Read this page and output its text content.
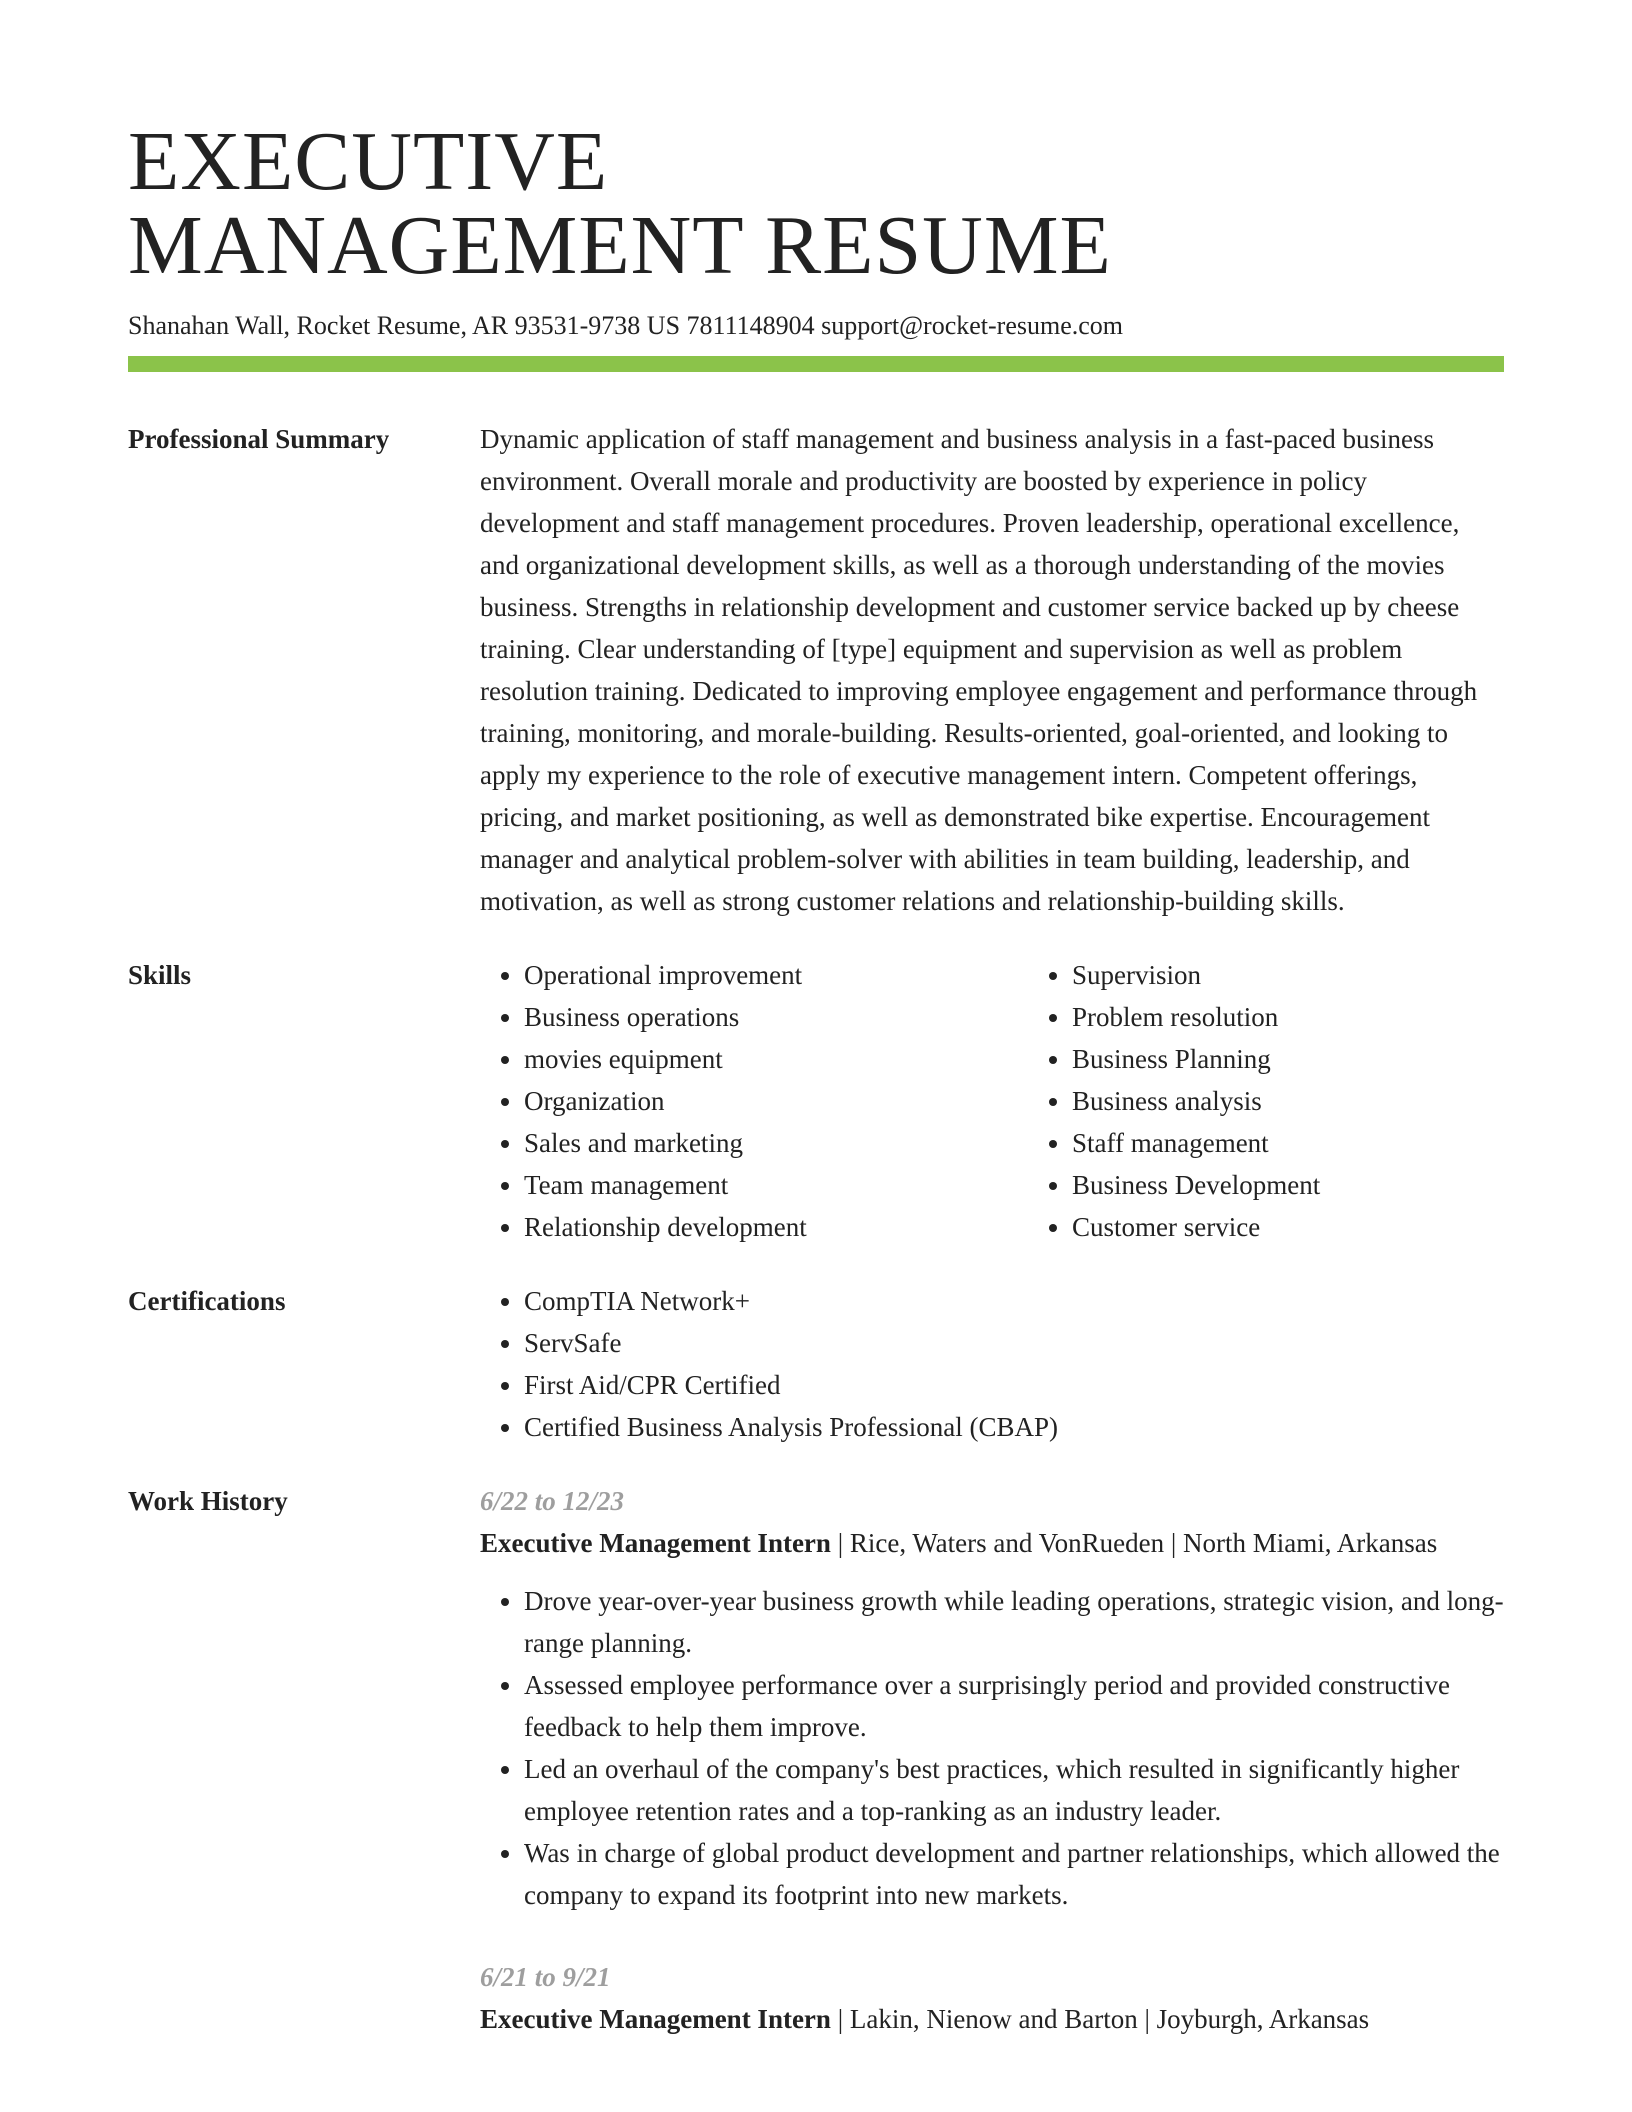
EXECUTIVE
MANAGEMENT RESUME
Shanahan Wall, Rocket Resume, AR 93531-9738 US 7811148904 support@rocket-resume.com
Professional Summary	Dynamic application of staff management and business analysis in a fast-paced business environment. Overall morale and productivity are boosted by experience in policy development and staff management procedures. Proven leadership, operational excellence, and organizational development skills, as well as a thorough understanding of the movies business. Strengths in relationship development and customer service backed up by cheese training. Clear understanding of [type] equipment and supervision as well as problem resolution training. Dedicated to improving employee engagement and performance through training, monitoring, and morale-building. Results-oriented, goal-oriented, and looking to apply my experience to the role of executive management intern. Competent offerings, pricing, and market positioning, as well as demonstrated bike expertise. Encouragement manager and analytical problem-solver with abilities in team building, leadership, and motivation, as well as strong customer relations and relationship-building skills.

Skills	• Operational improvement
• Business operations
• movies equipment
• Organization
• Sales and marketing
• Team management
• Relationship development
• Supervision
• Problem resolution
• Business Planning
• Business analysis
• Staff management
• Business Development
• Customer service
Certifications	• CompTIA Network+
• ServSafe
• First Aid/CPR Certified
• Certified Business Analysis Professional (CBAP)
Work History	6/22 to 12/23
Executive Management Intern | Rice, Waters and VonRueden | North Miami, Arkansas
• Drove year-over-year business growth while leading operations, strategic vision, and long-range planning.
• Assessed employee performance over a surprisingly period and provided constructive feedback to help them improve.
• Led an overhaul of the company's best practices, which resulted in significantly higher employee retention rates and a top-ranking as an industry leader.
• Was in charge of global product development and partner relationships, which allowed the company to expand its footprint into new markets.
6/21 to 9/21
Executive Management Intern | Lakin, Nienow and Barton | Joyburgh, Arkansas
